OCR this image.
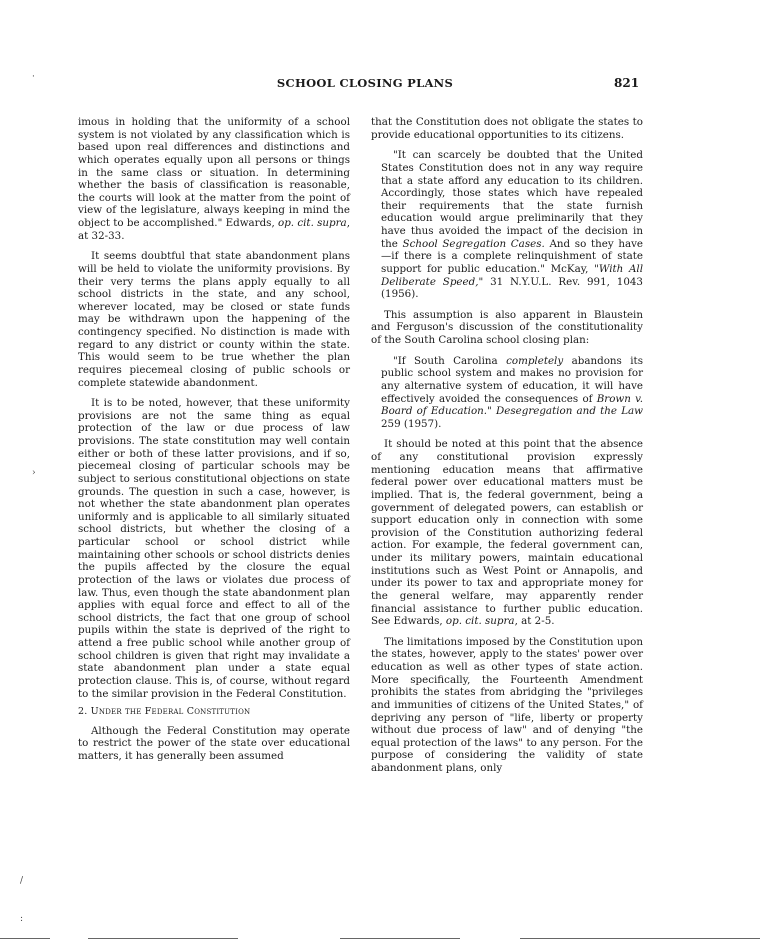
SCHOOL CLOSING PLANS	821

imous in holding that the uniformity of a school system is not violated by any classification which is based upon real differences and distinctions and which operates equally upon all persons or things in the same class or situation. In determining whether the basis of classification is reasonable, the courts will look at the matter from the point of view of the legislature, always keeping in mind the object to be accomplished." Edwards, op. cit. supra, at 32-33.

It seems doubtful that state abandonment plans will be held to violate the uniformity provisions. By their very terms the plans apply equally to all school districts in the state, and any school, wherever located, may be closed or state funds may be withdrawn upon the happening of the contingency specified. No distinction is made with regard to any district or county within the state. This would seem to be true whether the plan requires piecemeal closing of public schools or complete statewide abandonment.

It is to be noted, however, that these uniformity provisions are not the same thing as equal protection of the law or due process of law provisions. The state constitution may well contain either or both of these latter provisions, and if so, piecemeal closing of particular schools may be subject to serious constitutional objections on state grounds. The question in such a case, however, is not whether the state abandonment plan operates uniformly and is applicable to all similarly situated school districts, but whether the closing of a particular school or school district while maintaining other schools or school districts denies the pupils affected by the closure the equal protection of the laws or violates due process of law. Thus, even though the state abandonment plan applies with equal force and effect to all of the school districts, the fact that one group of school pupils within the state is deprived of the right to attend a free public school while another group of school children is given that right may invalidate a state abandonment plan under a state equal protection clause. This is, of course, without regard to the similar provision in the Federal Constitution.

2. Under the Federal Constitution

Although the Federal Constitution may operate to restrict the power of the state over educational matters, it has generally been assumed

that the Constitution does not obligate the states to provide educational opportunities to its citizens.

"It can scarcely be doubted that the United States Constitution does not in any way require that a state afford any education to its children. Accordingly, those states which have repealed their requirements that the state furnish education would argue preliminarily that they have thus avoided the impact of the decision in the School Segregation Cases. And so they have —if there is a complete relinquishment of state support for public education." McKay, "With All Deliberate Speed," 31 N.Y.U.L. Rev. 991, 1043 (1956).

This assumption is also apparent in Blaustein and Ferguson's discussion of the constitutionality of the South Carolina school closing plan:

"If South Carolina completely abandons its public school system and makes no provision for any alternative system of education, it will have effectively avoided the consequences of Brown v. Board of Education." Desegregation and the Law 259 (1957).

It should be noted at this point that the absence of any constitutional provision expressly mentioning education means that affirmative federal power over educational matters must be implied. That is, the federal government, being a government of delegated powers, can establish or support education only in connection with some provision of the Constitution authorizing federal action. For example, the federal government can, under its military powers, maintain educational institutions such as West Point or Annapolis, and under its power to tax and appropriate money for the general welfare, may apparently render financial assistance to further public education. See Edwards, op. cit. supra, at 2-5.

The limitations imposed by the Constitution upon the states, however, apply to the states' power over education as well as other types of state action. More specifically, the Fourteenth Amendment prohibits the states from abridging the "privileges and immunities of citizens of the United States," of depriving any person of "life, liberty or property without due process of law" and of denying "the equal protection of the laws" to any person. For the purpose of considering the validity of state abandonment plans, only

·
›
/
:
